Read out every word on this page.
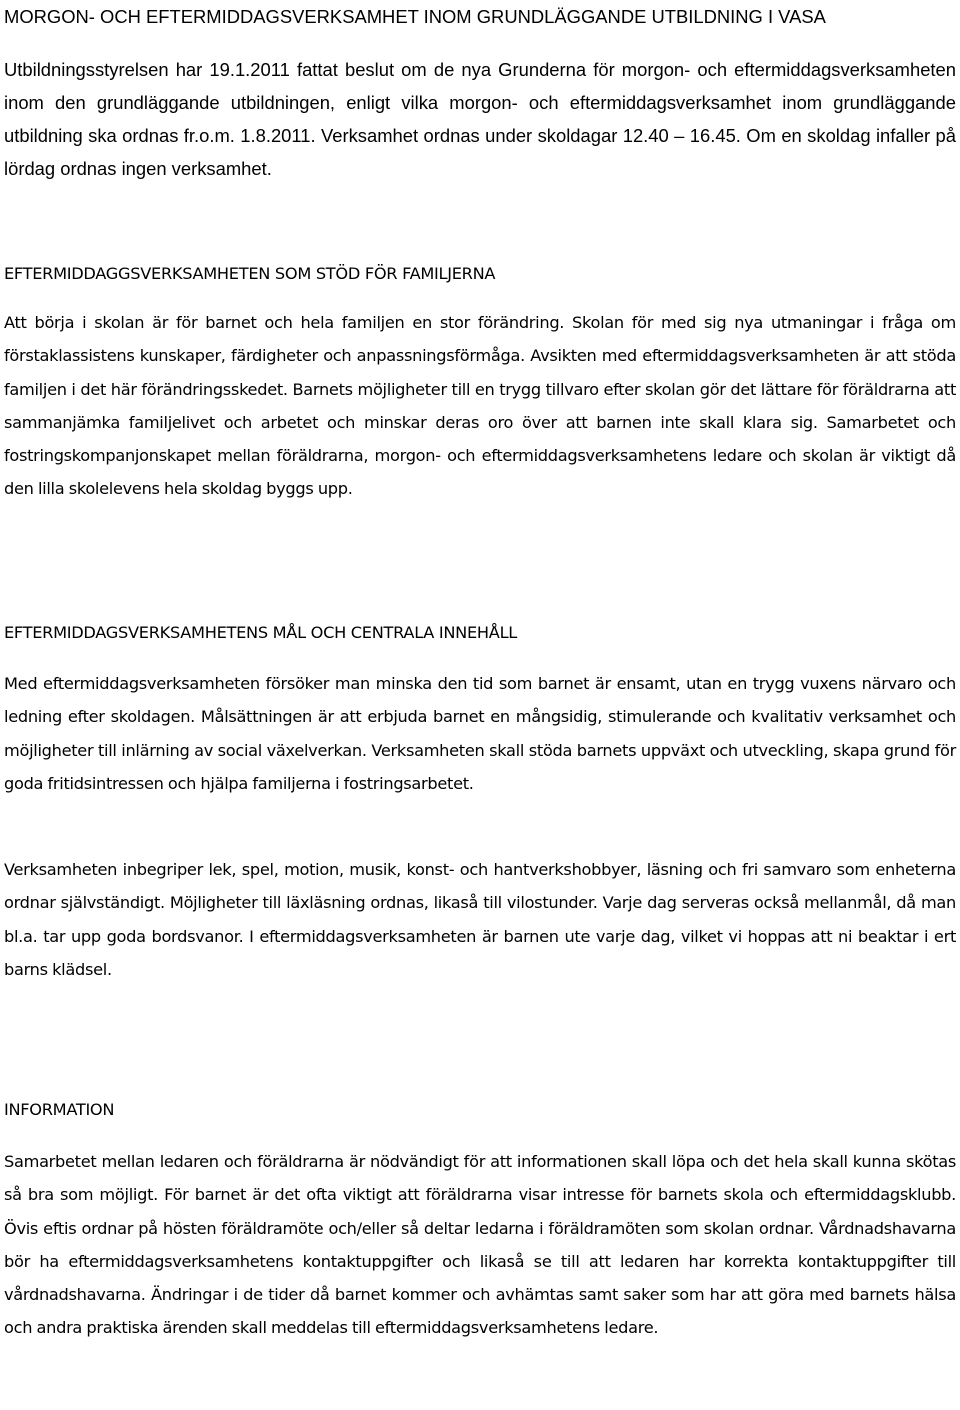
MORGON- OCH EFTERMIDDAGSVERKSAMHET INOM GRUNDLÄGGANDE UTBILDNING I VASA

Utbildningsstyrelsen har 19.1.2011 fattat beslut om de nya Grunderna för morgon- och eftermiddagsverksamheten inom den grundläggande utbildningen, enligt vilka morgon- och eftermiddagsverksamhet inom grundläggande utbildning ska ordnas fr.o.m. 1.8.2011. Verksamhet ordnas under skoldagar 12.40 – 16.45. Om en skoldag infaller på lördag ordnas ingen verksamhet.

EFTERMIDDAGGSVERKSAMHETEN SOM STÖD FÖR FAMILJERNA

Att börja i skolan är för barnet och hela familjen en stor förändring. Skolan för med sig nya utmaningar i fråga om förstaklassistens kunskaper, färdigheter och anpassningsförmåga. Avsikten med eftermiddagsverksamheten är att stöda familjen i det här förändringsskedet. Barnets möjligheter till en trygg tillvaro efter skolan gör det lättare för föräldrarna att sammanjämka familjelivet och arbetet och minskar deras oro över att barnen inte skall klara sig. Samarbetet och fostringskompanjonskapet mellan föräldrarna, morgon- och eftermiddagsverksamhetens ledare och skolan är viktigt då den lilla skolelevens hela skoldag byggs upp.

EFTERMIDDAGSVERKSAMHETENS MÅL OCH CENTRALA INNEHÅLL

Med eftermiddagsverksamheten försöker man minska den tid som barnet är ensamt, utan en trygg vuxens närvaro och ledning efter skoldagen. Målsättningen är att erbjuda barnet en mångsidig, stimulerande och kvalitativ verksamhet och möjligheter till inlärning av social växelverkan. Verksamheten skall stöda barnets uppväxt och utveckling, skapa grund för goda fritidsintressen och hjälpa familjerna i fostringsarbetet.

Verksamheten inbegriper lek, spel, motion, musik, konst- och hantverkshobbyer, läsning och fri samvaro som enheterna ordnar självständigt. Möjligheter till läxläsning ordnas, likaså till vilostunder. Varje dag serveras också mellanmål, då man bl.a. tar upp goda bordsvanor. I eftermiddagsverksamheten är barnen ute varje dag, vilket vi hoppas att ni beaktar i ert barns klädsel.

INFORMATION

Samarbetet mellan ledaren och föräldrarna är nödvändigt för att informationen skall löpa och det hela skall kunna skötas så bra som möjligt. För barnet är det ofta viktigt att föräldrarna visar intresse för barnets skola och eftermiddagsklubb. Övis eftis ordnar på hösten föräldramöte och/eller så deltar ledarna i föräldramöten som skolan ordnar. Vårdnadshavarna bör ha eftermiddagsverksamhetens kontaktuppgifter och likaså se till att ledaren har korrekta kontaktuppgifter till vårdnadshavarna. Ändringar i de tider då barnet kommer och avhämtas samt saker som har att göra med barnets hälsa och andra praktiska ärenden skall meddelas till eftermiddagsverksamhetens ledare.
